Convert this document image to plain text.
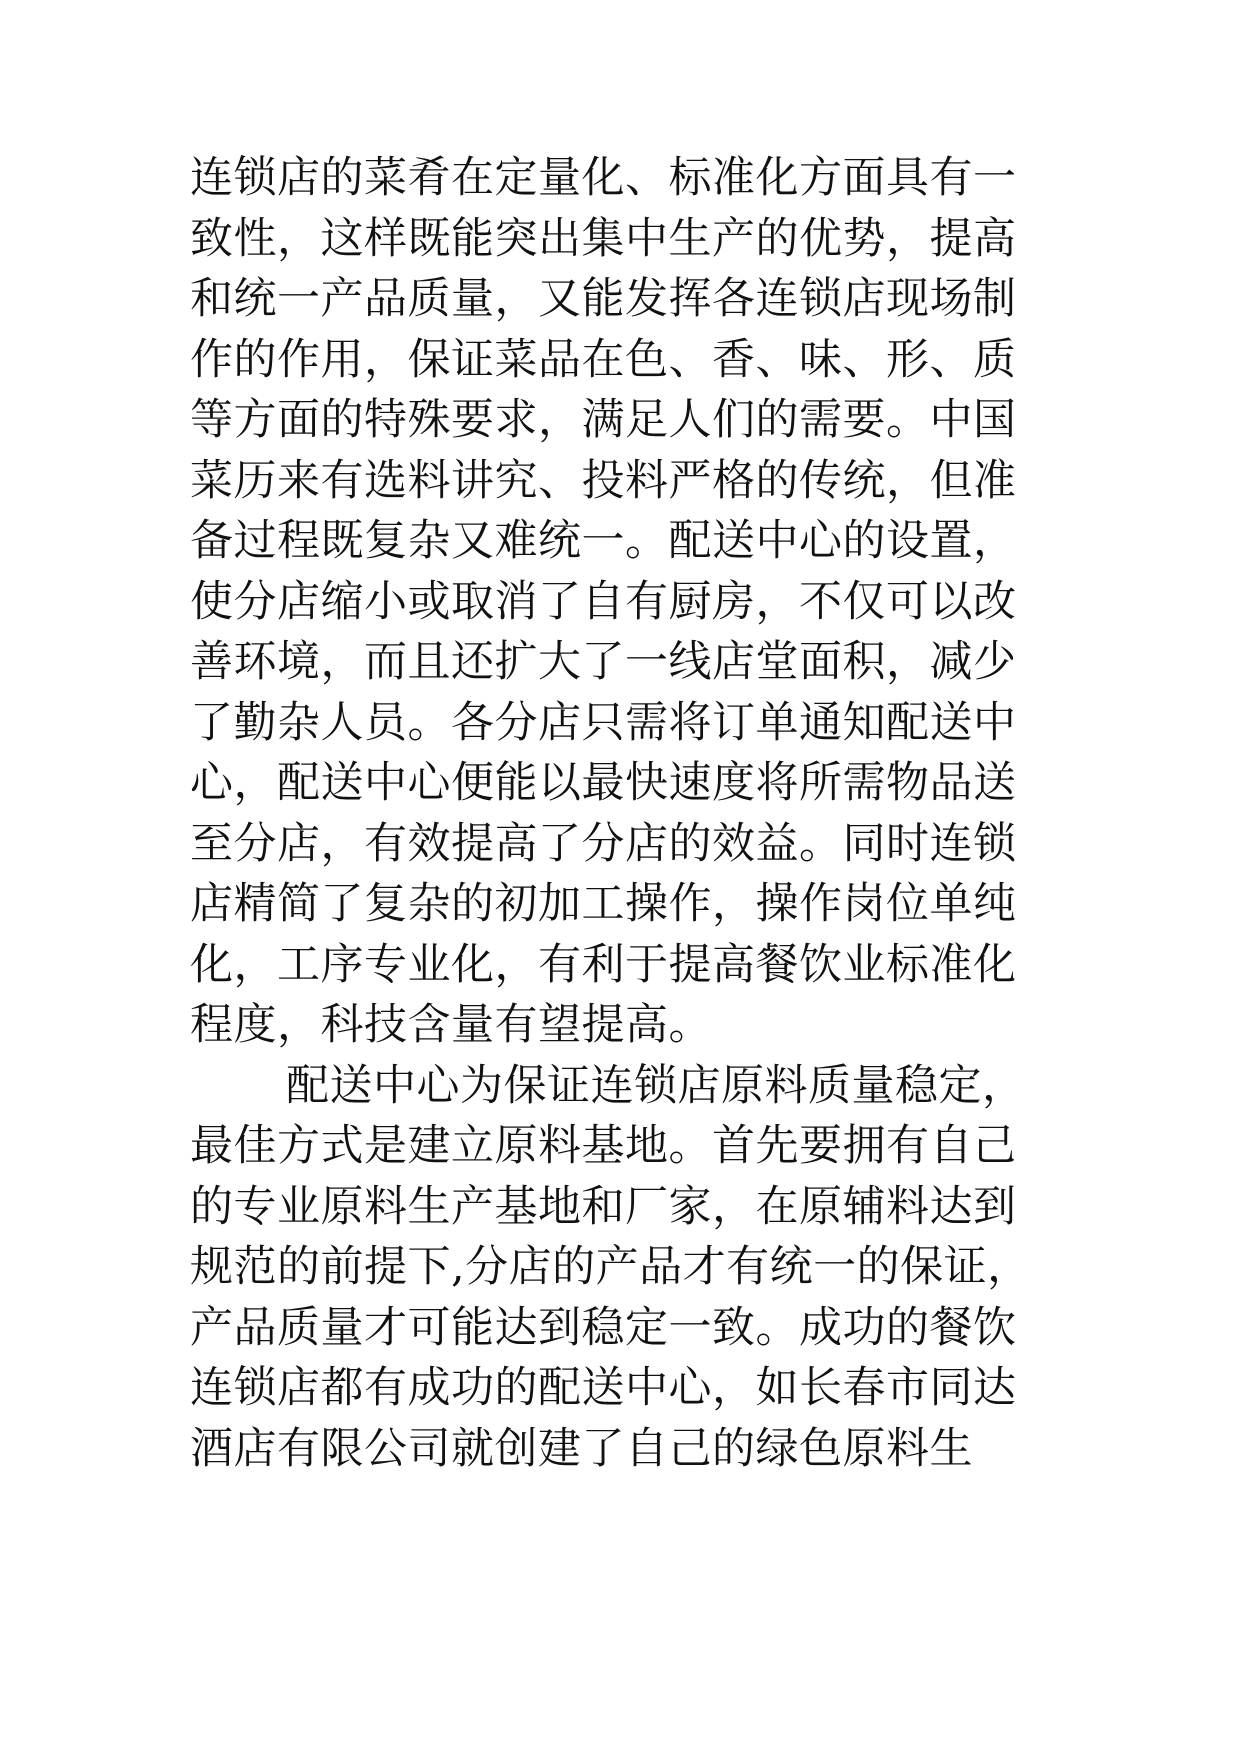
连锁店的菜肴在定量化、标准化方面具有一
致性，这样既能突出集中生产的优势，提高
和统一产品质量，又能发挥各连锁店现场制
作的作用，保证菜品在色、香、味、形、质
等方面的特殊要求，满足人们的需要。中国
菜历来有选料讲究、投料严格的传统，但准
备过程既复杂又难统一。配送中心的设置，
使分店缩小或取消了自有厨房，不仅可以改
善环境，而且还扩大了一线店堂面积，减少
了勤杂人员。各分店只需将订单通知配送中
心，配送中心便能以最快速度将所需物品送
至分店，有效提高了分店的效益。同时连锁
店精简了复杂的初加工操作，操作岗位单纯
化，工序专业化，有利于提高餐饮业标准化
程度，科技含量有望提高。
配送中心为保证连锁店原料质量稳定，
最佳方式是建立原料基地。首先要拥有自己
的专业原料生产基地和厂家，在原辅料达到
规范的前提下,分店的产品才有统一的保证，
产品质量才可能达到稳定一致。成功的餐饮
连锁店都有成功的配送中心，如长春市同达
酒店有限公司就创建了自己的绿色原料生
